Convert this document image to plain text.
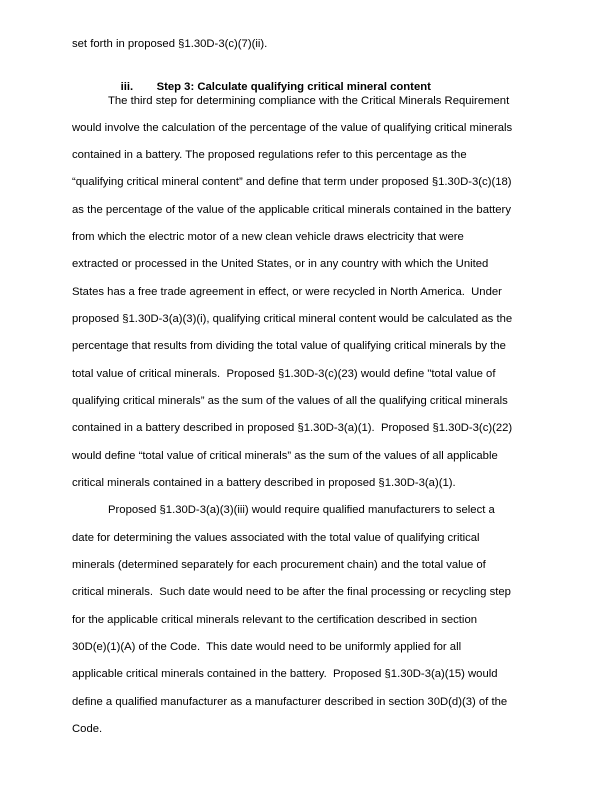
set forth in proposed §1.30D-3(c)(7)(ii).

iii. Step 3: Calculate qualifying critical mineral content

The third step for determining compliance with the Critical Minerals Requirement
would involve the calculation of the percentage of the value of qualifying critical minerals
contained in a battery. The proposed regulations refer to this percentage as the
“qualifying critical mineral content” and define that term under proposed §1.30D-3(c)(18)
as the percentage of the value of the applicable critical minerals contained in the battery
from which the electric motor of a new clean vehicle draws electricity that were
extracted or processed in the United States, or in any country with which the United
States has a free trade agreement in effect, or were recycled in North America.  Under
proposed §1.30D-3(a)(3)(i), qualifying critical mineral content would be calculated as the
percentage that results from dividing the total value of qualifying critical minerals by the
total value of critical minerals.  Proposed §1.30D-3(c)(23) would define "total value of
qualifying critical minerals” as the sum of the values of all the qualifying critical minerals
contained in a battery described in proposed §1.30D-3(a)(1).  Proposed §1.30D-3(c)(22)
would define “total value of critical minerals” as the sum of the values of all applicable
critical minerals contained in a battery described in proposed §1.30D-3(a)(1).
Proposed §1.30D-3(a)(3)(iii) would require qualified manufacturers to select a
date for determining the values associated with the total value of qualifying critical
minerals (determined separately for each procurement chain) and the total value of
critical minerals.  Such date would need to be after the final processing or recycling step
for the applicable critical minerals relevant to the certification described in section
30D(e)(1)(A) of the Code.  This date would need to be uniformly applied for all
applicable critical minerals contained in the battery.  Proposed §1.30D-3(a)(15) would
define a qualified manufacturer as a manufacturer described in section 30D(d)(3) of the
Code.
